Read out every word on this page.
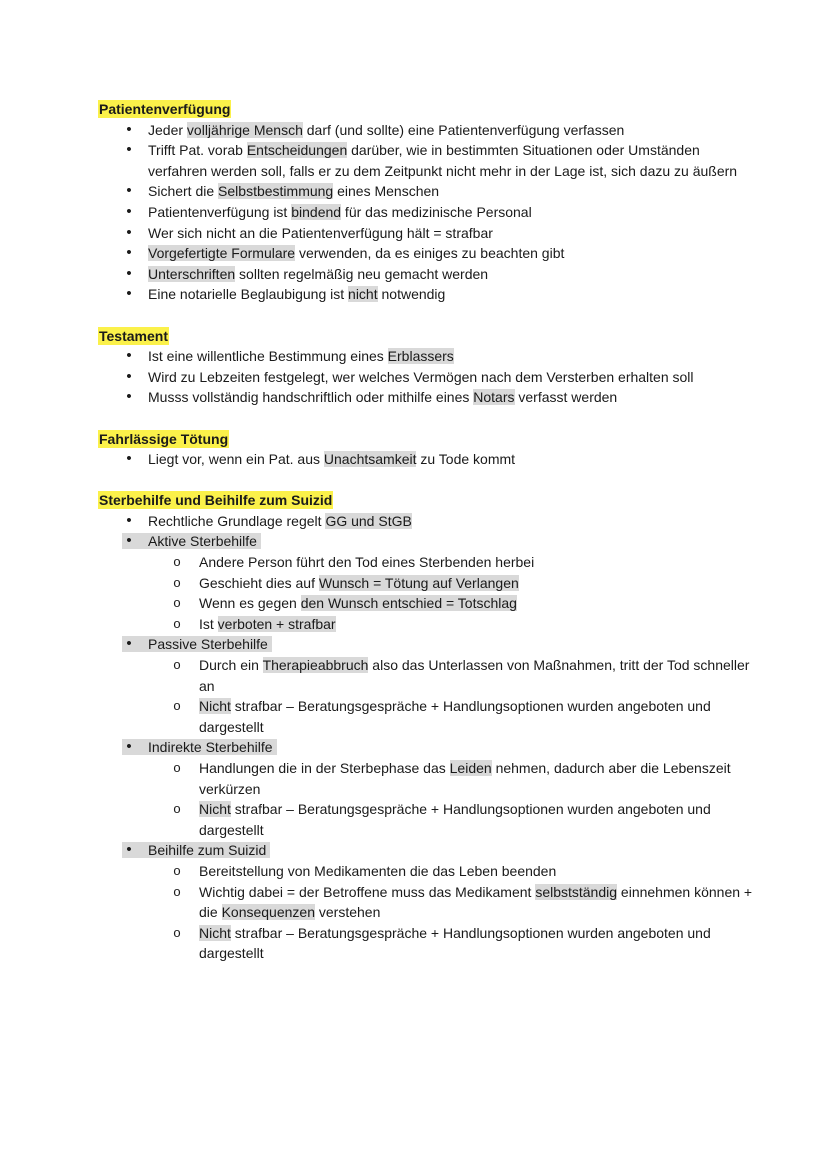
Patientenverfügung
•	Jeder volljährige Mensch darf (und sollte) eine Patientenverfügung verfassen
•	Trifft Pat. vorab Entscheidungen darüber, wie in bestimmten Situationen oder Umständen verfahren werden soll, falls er zu dem Zeitpunkt nicht mehr in der Lage ist, sich dazu zu äußern
•	Sichert die Selbstbestimmung eines Menschen
•	Patientenverfügung ist bindend für das medizinische Personal
•	Wer sich nicht an die Patientenverfügung hält = strafbar
•	Vorgefertigte Formulare verwenden, da es einiges zu beachten gibt
•	Unterschriften sollten regelmäßig neu gemacht werden
•	Eine notarielle Beglaubigung ist nicht notwendig
Testament
•	Ist eine willentliche Bestimmung eines Erblassers
•	Wird zu Lebzeiten festgelegt, wer welches Vermögen nach dem Versterben erhalten soll
•	Musss vollständig handschriftlich oder mithilfe eines Notars verfasst werden
Fahrlässige Tötung
•	Liegt vor, wenn ein Pat. aus Unachtsamkeit zu Tode kommt
Sterbehilfe und Beihilfe zum Suizid
•	Rechtliche Grundlage regelt GG und StGB
•	Aktive Sterbehilfe
o Andere Person führt den Tod eines Sterbenden herbei
o Geschieht dies auf Wunsch = Tötung auf Verlangen
o Wenn es gegen den Wunsch entschied = Totschlag
o Ist verboten + strafbar
•	Passive Sterbehilfe
o Durch ein Therapieabbruch also das Unterlassen von Maßnahmen, tritt der Tod schneller an
o Nicht strafbar – Beratungsgespräche + Handlungsoptionen wurden angeboten und dargestellt
•	Indirekte Sterbehilfe
o Handlungen die in der Sterbephase das Leiden nehmen, dadurch aber die Lebenszeit verkürzen
o Nicht strafbar – Beratungsgespräche + Handlungsoptionen wurden angeboten und dargestellt
•	Beihilfe zum Suizid
o Bereitstellung von Medikamenten die das Leben beenden
o Wichtig dabei = der Betroffene muss das Medikament selbstständig einnehmen können + die Konsequenzen verstehen
o Nicht strafbar – Beratungsgespräche + Handlungsoptionen wurden angeboten und dargestellt
